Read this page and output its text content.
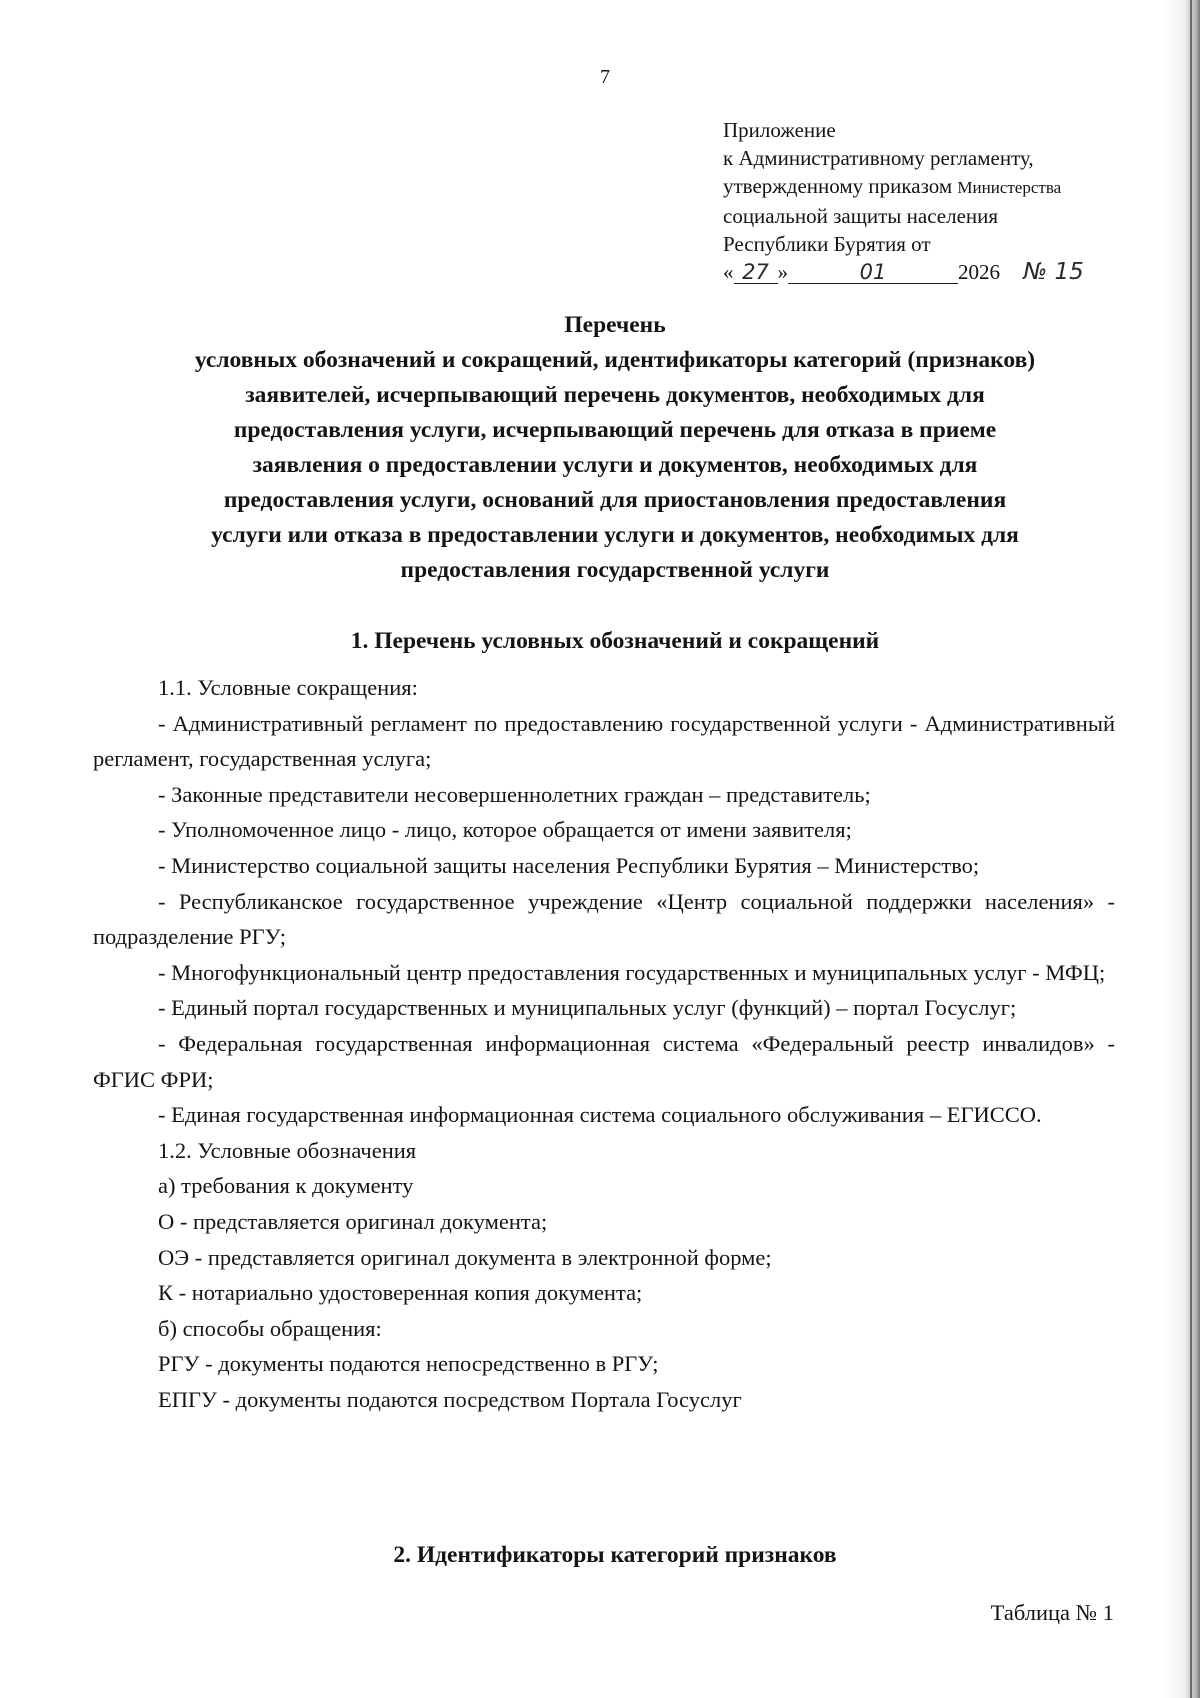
7
Приложение
к Административному регламенту,
утвержденному приказом Министерства
социальной защиты населения
Республики Бурятия от
« 27 »	01	2026 № 15
Перечень
условных обозначений и сокращений, идентификаторы категорий (признаков)
заявителей, исчерпывающий перечень документов, необходимых для
предоставления услуги, исчерпывающий перечень для отказа в приеме
заявления о предоставлении услуги и документов, необходимых для
предоставления услуги, оснований для приостановления предоставления
услуги или отказа в предоставлении услуги и документов, необходимых для
предоставления государственной услуги
1. Перечень условных обозначений и сокращений

1.1. Условные сокращения:

- Административный регламент по предоставлению государственной услуги - Административный регламент, государственная услуга;

- Законные представители несовершеннолетних граждан – представитель;

- Уполномоченное лицо - лицо, которое обращается от имени заявителя;

- Министерство социальной защиты населения Республики Бурятия – Министерство;

- Республиканское государственное учреждение «Центр социальной поддержки населения» - подразделение РГУ;

- Многофункциональный центр предоставления государственных и муниципальных услуг - МФЦ;

- Единый портал государственных и муниципальных услуг (функций) – портал Госуслуг;

- Федеральная государственная информационная система «Федеральный реестр инвалидов» - ФГИС ФРИ;

- Единая государственная информационная система социального обслуживания – ЕГИССО.

1.2. Условные обозначения

а) требования к документу

О - представляется оригинал документа;

ОЭ - представляется оригинал документа в электронной форме;

К - нотариально удостоверенная копия документа;

б) способы обращения:

РГУ - документы подаются непосредственно в РГУ;

ЕПГУ - документы подаются посредством Портала Госуслуг

2. Идентификаторы категорий признаков
Таблица № 1
